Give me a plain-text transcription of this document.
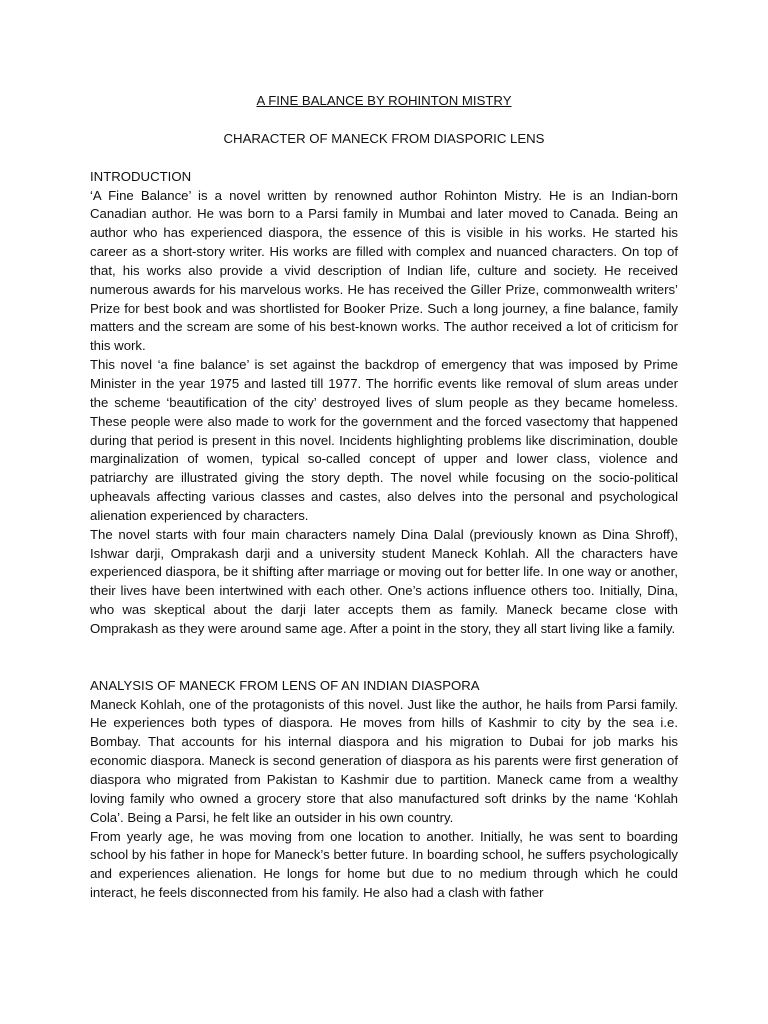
A FINE BALANCE BY ROHINTON MISTRY
CHARACTER OF MANECK FROM DIASPORIC LENS
INTRODUCTION

‘A Fine Balance’ is a novel written by renowned author Rohinton Mistry. He is an Indian-born Canadian author. He was born to a Parsi family in Mumbai and later moved to Canada. Being an author who has experienced diaspora, the essence of this is visible in his works. He started his career as a short-story writer. His works are filled with complex and nuanced characters. On top of that, his works also provide a vivid description of Indian life, culture and society. He received numerous awards for his marvelous works. He has received the Giller Prize, commonwealth writers’ Prize for best book and was shortlisted for Booker Prize. Such a long journey, a fine balance, family matters and the scream are some of his best-known works. The author received a lot of criticism for this work.

This novel ‘a fine balance’ is set against the backdrop of emergency that was imposed by Prime Minister in the year 1975 and lasted till 1977. The horrific events like removal of slum areas under the scheme ‘beautification of the city’ destroyed lives of slum people as they became homeless. These people were also made to work for the government and the forced vasectomy that happened during that period is present in this novel. Incidents highlighting problems like discrimination, double marginalization of women, typical so-called concept of upper and lower class, violence and patriarchy are illustrated giving the story depth. The novel while focusing on the socio-political upheavals affecting various classes and castes, also delves into the personal and psychological alienation experienced by characters.

The novel starts with four main characters namely Dina Dalal (previously known as Dina Shroff), Ishwar darji, Omprakash darji and a university student Maneck Kohlah. All the characters have experienced diaspora, be it shifting after marriage or moving out for better life. In one way or another, their lives have been intertwined with each other. One’s actions influence others too. Initially, Dina, who was skeptical about the darji later accepts them as family. Maneck became close with Omprakash as they were around same age. After a point in the story, they all start living like a family.

ANALYSIS OF MANECK FROM LENS OF AN INDIAN DIASPORA

Maneck Kohlah, one of the protagonists of this novel. Just like the author, he hails from Parsi family. He experiences both types of diaspora. He moves from hills of Kashmir to city by the sea i.e. Bombay. That accounts for his internal diaspora and his migration to Dubai for job marks his economic diaspora. Maneck is second generation of diaspora as his parents were first generation of diaspora who migrated from Pakistan to Kashmir due to partition. Maneck came from a wealthy loving family who owned a grocery store that also manufactured soft drinks by the name ‘Kohlah Cola’. Being a Parsi, he felt like an outsider in his own country.

From yearly age, he was moving from one location to another. Initially, he was sent to boarding school by his father in hope for Maneck’s better future. In boarding school, he suffers psychologically and experiences alienation. He longs for home but due to no medium through which he could interact, he feels disconnected from his family. He also had a clash with father
